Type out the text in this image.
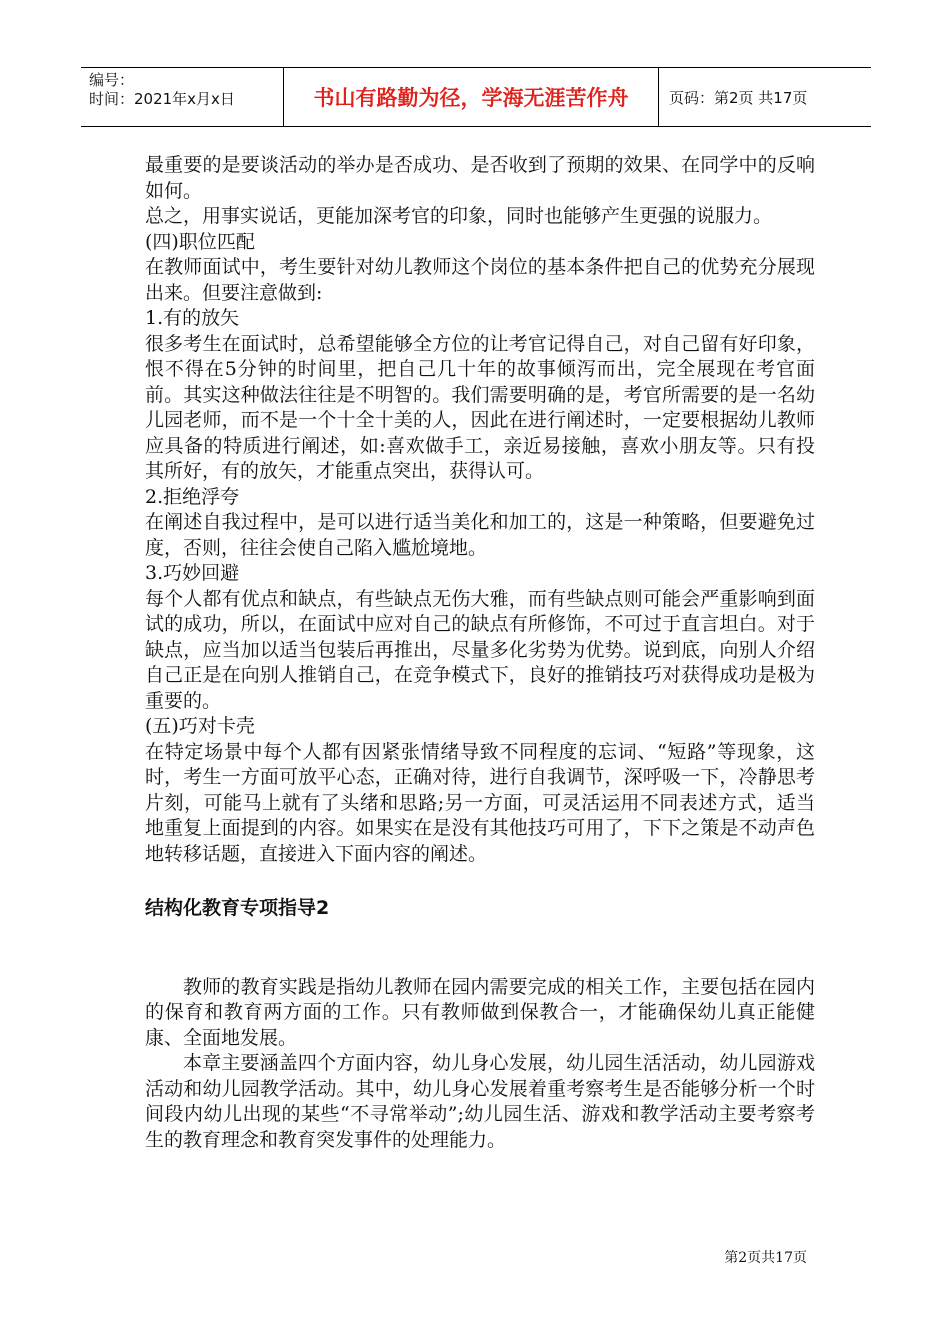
编号：
时间：2021年x月x日	书山有路勤为径，学海无涯苦作舟	页码：第2页 共17页

最重要的是要谈活动的举办是否成功、是否收到了预期的效果、在同学中的反响如何。

总之，用事实说话，更能加深考官的印象，同时也能够产生更强的说服力。

(四)职位匹配

在教师面试中，考生要针对幼儿教师这个岗位的基本条件把自己的优势充分展现出来。但要注意做到:

1.有的放矢

很多考生在面试时，总希望能够全方位的让考官记得自己，对自己留有好印象，恨不得在5分钟的时间里，把自己几十年的故事倾泻而出，完全展现在考官面前。其实这种做法往往是不明智的。我们需要明确的是，考官所需要的是一名幼儿园老师，而不是一个十全十美的人，因此在进行阐述时，一定要根据幼儿教师应具备的特质进行阐述，如:喜欢做手工，亲近易接触，喜欢小朋友等。只有投其所好，有的放矢，才能重点突出，获得认可。

2.拒绝浮夸

在阐述自我过程中，是可以进行适当美化和加工的，这是一种策略，但要避免过度，否则，往往会使自己陷入尴尬境地。

3.巧妙回避

每个人都有优点和缺点，有些缺点无伤大雅，而有些缺点则可能会严重影响到面试的成功，所以，在面试中应对自己的缺点有所修饰，不可过于直言坦白。对于缺点，应当加以适当包装后再推出，尽量多化劣势为优势。说到底，向别人介绍自己正是在向别人推销自己，在竞争模式下，良好的推销技巧对获得成功是极为重要的。

(五)巧对卡壳

在特定场景中每个人都有因紧张情绪导致不同程度的忘词、“短路”等现象，这时，考生一方面可放平心态，正确对待，进行自我调节，深呼吸一下，冷静思考片刻，可能马上就有了头绪和思路;另一方面，可灵活运用不同表述方式，适当地重复上面提到的内容。如果实在是没有其他技巧可用了，下下之策是不动声色地转移话题，直接进入下面内容的阐述。

结构化教育专项指导2

教师的教育实践是指幼儿教师在园内需要完成的相关工作，主要包括在园内的保育和教育两方面的工作。只有教师做到保教合一，才能确保幼儿真正能健康、全面地发展。

本章主要涵盖四个方面内容，幼儿身心发展，幼儿园生活活动，幼儿园游戏活动和幼儿园教学活动。其中，幼儿身心发展着重考察考生是否能够分析一个时间段内幼儿出现的某些“不寻常举动”;幼儿园生活、游戏和教学活动主要考察考生的教育理念和教育突发事件的处理能力。

第2页共17页
